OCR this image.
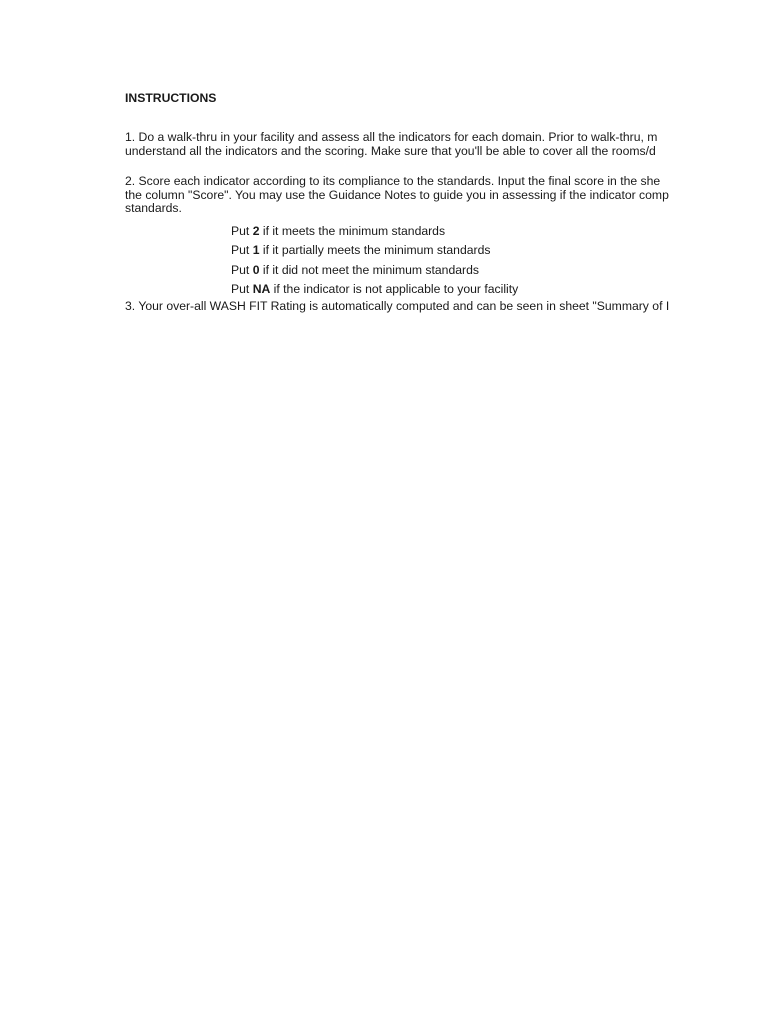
INSTRUCTIONS
1. Do a walk-thru in your facility and assess all the indicators for each domain. Prior to walk-thru, m
understand all the indicators and the scoring. Make sure that you'll be able to cover all the rooms/d
2. Score each indicator according to its compliance to the standards. Input the final score in the she
the column "Score". You may use the Guidance Notes to guide you in assessing if the indicator comp
standards.
Put 2 if it meets the minimum standards
Put 1 if it partially meets the minimum standards
Put 0 if it did not meet the minimum standards
Put NA if the indicator is not applicable to your facility
3. Your over-all WASH FIT Rating is automatically computed and can be seen in sheet "Summary of I
